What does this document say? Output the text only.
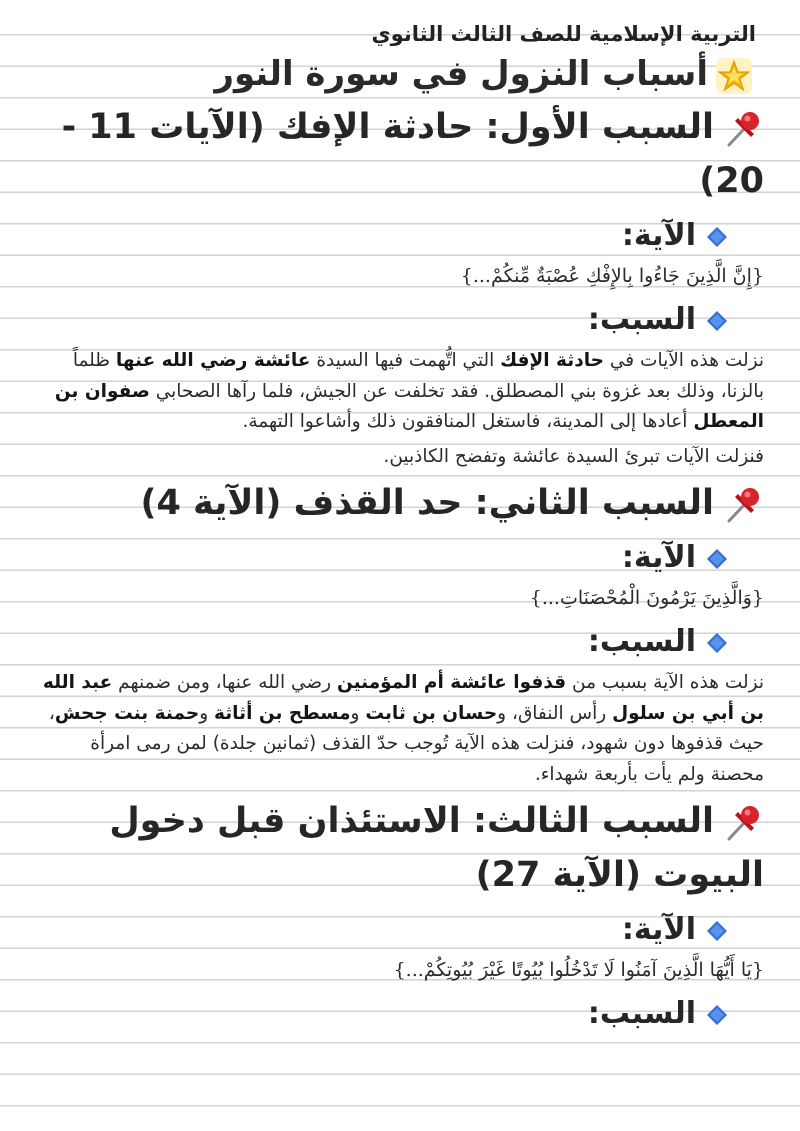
التربية الإسلامية للصف الثالث الثانوي
أسباب النزول في سورة النور
السبب الأول: حادثة الإفك (الآيات 11 - 20)
الآية:
{إِنَّ الَّذِينَ جَاءُوا بِالإِفْكِ عُصْبَةٌ مِّنكُمْ...}
السبب:
نزلت هذه الآيات في حادثة الإفك التي اتُّهمت فيها السيدة عائشة رضي الله عنها ظلماً بالزنا، وذلك بعد غزوة بني المصطلق. فقد تخلفت عن الجيش، فلما رآها الصحابي صفوان بن المعطل أعادها إلى المدينة، فاستغل المنافقون ذلك وأشاعوا التهمة.
فنزلت الآيات تبرئ السيدة عائشة وتفضح الكاذبين.
السبب الثاني: حد القذف (الآية 4)
الآية:
{وَالَّذِينَ يَرْمُونَ الْمُحْصَنَاتِ...}
السبب:
نزلت هذه الآية بسبب من قذفوا عائشة أم المؤمنين رضي الله عنها، ومن ضمنهم عبد الله بن أبي بن سلول رأس النفاق، وحسان بن ثابت ومسطح بن أثاثة وحمنة بنت جحش، حيث قذفوها دون شهود، فنزلت هذه الآية تُوجب حدّ القذف (ثمانين جلدة) لمن رمى امرأة محصنة ولم يأت بأربعة شهداء.
السبب الثالث: الاستئذان قبل دخول البيوت (الآية 27)
الآية:
{يَا أَيُّهَا الَّذِينَ آمَنُوا لَا تَدْخُلُوا بُيُوتًا غَيْرَ بُيُوتِكُمْ...}
السبب:
